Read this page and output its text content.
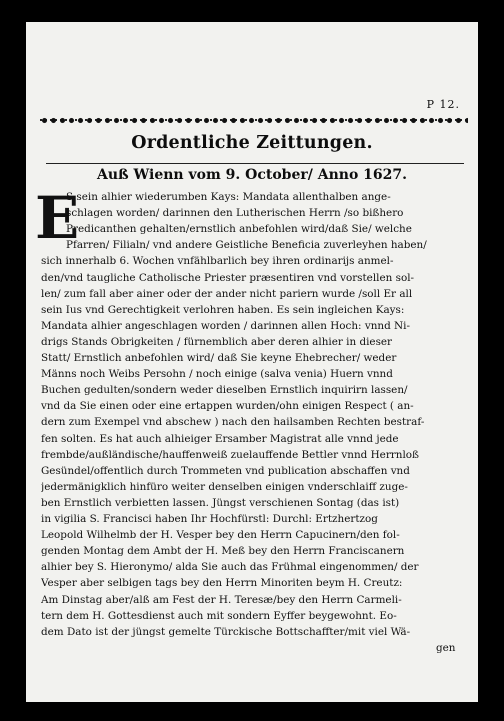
P 12.
Ordentliche Zeittungen.
Auß Wienn vom 9. October/ Anno 1627.
E
S sein alhier wiederumben Kays: Mandata allenthalben ange-
schlagen worden/ darinnen den Lutherischen Herrn /so bißhero
Predicanthen gehalten/ernstlich anbefohlen wird/daß Sie/ welche
Pfarren/ Filialn/ vnd andere Geistliche Beneficia zuverleyhen haben/
sich innerhalb 6. Wochen vnfählbarlich bey ihren ordinarijs anmel-
den/vnd taugliche Catholische Priester præsentiren vnd vorstellen sol-
len/ zum fall aber ainer oder der ander nicht pariern wurde /soll Er all
sein Ius vnd Gerechtigkeit verlohren haben. Es sein ingleichen Kays:
Mandata alhier angeschlagen worden / darinnen allen Hoch: vnnd Ni-
drigs Stands Obrigkeiten / fürnemblich aber deren alhier in dieser
Statt/ Ernstlich anbefohlen wird/ daß Sie keyne Ehebrecher/ weder
Männs noch Weibs Persohn / noch einige (salva venia) Huern vnnd
Buchen gedulten/sondern weder dieselben Ernstlich inquirirn lassen/
vnd da Sie einen oder eine ertappen wurden/ohn einigen Respect ( an-
dern zum Exempel vnd abschew ) nach den hailsamben Rechten bestraf-
fen solten. Es hat auch alhieiger Ersamber Magistrat alle vnnd jede
frembde/außländische/hauffenweiß zuelauffende Bettler vnnd Herrnloß
Gesündel/offentlich durch Trommeten vnd publication abschaffen vnd
jedermänigklich hinfüro weiter denselben einigen vnderschlaiff zuge-
ben Ernstlich verbietten lassen. Jüngst verschienen Sontag (das ist)
in vigilia S. Francisci haben Ihr Hochfürstl: Durchl: Ertzhertzog
Leopold Wilhelmb der H. Vesper bey den Herrn Capucinern/den fol-
genden Montag dem Ambt der H. Meß bey den Herrn Franciscanern
alhier bey S. Hieronymo/ alda Sie auch das Frühmal eingenommen/ der
Vesper aber selbigen tags bey den Herrn Minoriten beym H. Creutz:
Am Dinstag aber/alß am Fest der H. Teresæ/bey den Herrn Carmeli-
tern dem H. Gottesdienst auch mit sondern Eyffer beygewohnt. Eo-
dem Dato ist der jüngst gemelte Türckische Bottschaffter/mit viel Wä-
gen
